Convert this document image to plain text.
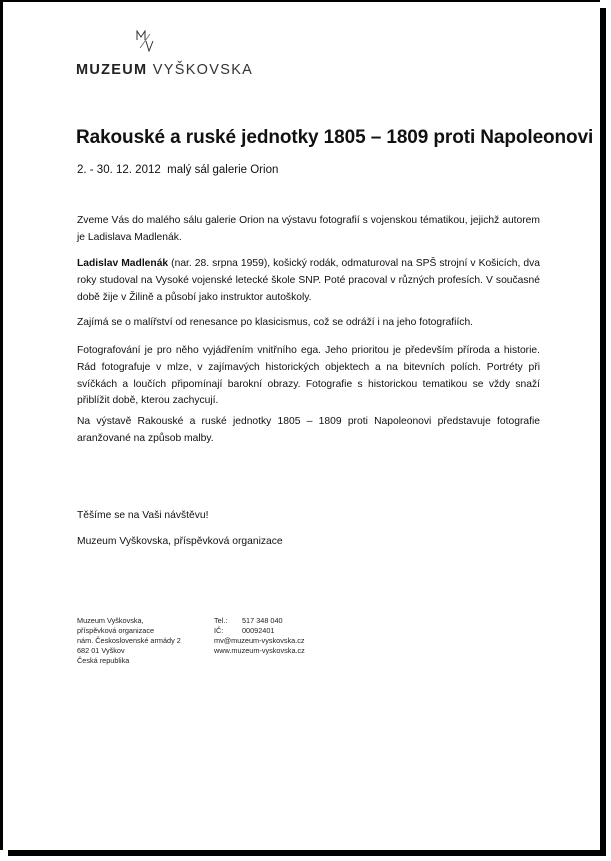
MUZEUM VYŠKOVSKA
Rakouské a ruské jednotky 1805 – 1809 proti Napoleonovi
2. - 30. 12. 2012  malý sál galerie Orion
Zveme Vás do malého sálu galerie Orion na výstavu fotografií s vojenskou tématikou, jejichž autorem je Ladislava Madlenák.
Ladislav Madlenák (nar. 28. srpna 1959), košický rodák, odmaturoval na SPŠ strojní v Košicích, dva roky studoval na Vysoké vojenské letecké škole SNP. Poté pracoval v různých profesích. V současné době žije v Žilině a působí jako instruktor autoškoly.
Zajímá se o malířství od renesance po klasicismus, což se odráží i na jeho fotografiích.
Fotografování je pro něho vyjádřením vnitřního ega. Jeho prioritou je především příroda a historie. Rád fotografuje v mlze, v zajímavých historických objektech a na bitevních polích. Portréty při svíčkách a loučích připomínají barokní obrazy. Fotografie s historickou tematikou se vždy snaží přiblížit době, kterou zachycují.
Na výstavě Rakouské a ruské jednotky 1805 – 1809 proti Napoleonovi představuje fotografie aranžované na způsob malby.
Těšíme se na Vaši návštěvu!
Muzeum Vyškovska, příspěvková organizace
Muzeum Vyškovska,
příspěvková organizace
nám. Československé armády 2
682 01 Vyškov
Česká republika
Tel.: 517 348 040
IČ:	00092401
mv@muzeum-vyskovska.cz
www.muzeum-vyskovska.cz
